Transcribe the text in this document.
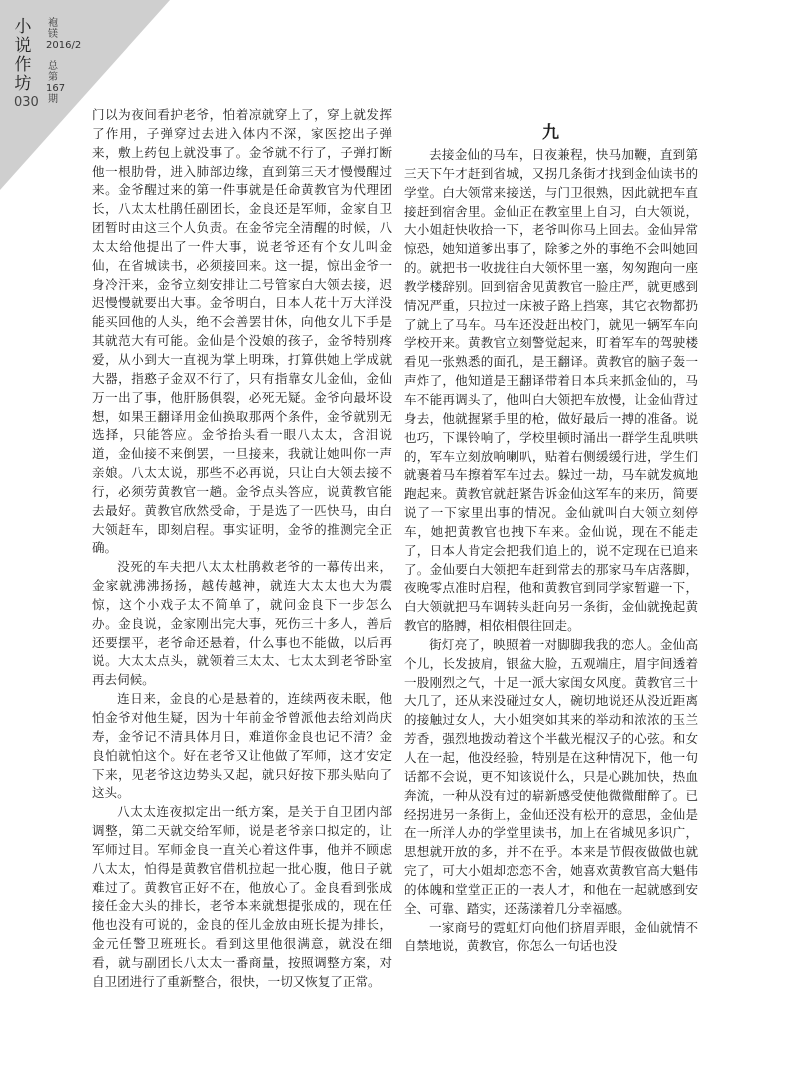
小说作坊
030
袍镁
2016/2
总第167期

门以为夜间看护老爷，怕着凉就穿上了，穿上就发挥了作用，子弹穿过去进入体内不深，家医挖出子弹来，敷上药包上就没事了。金爷就不行了，子弹打断他一根肋骨，进入肺部边缘，直到第三天才慢慢醒过来。金爷醒过来的第一件事就是任命黄教官为代理团长，八太太杜鹃任副团长，金良还是军师，金家自卫团暂时由这三个人负责。在金爷完全清醒的时候，八太太给他提出了一件大事，说老爷还有个女儿叫金仙，在省城读书，必须接回来。这一提，惊出金爷一身冷汗来，金爷立刻安排让二号管家白大领去接，迟迟慢慢就要出大事。金爷明白，日本人花十万大洋没能买回他的人头，绝不会善罢甘休，向他女儿下手是其就范大有可能。金仙是个没娘的孩子，金爷特别疼爱，从小到大一直视为掌上明珠，打算供她上学成就大器，指憨子金双不行了，只有指靠女儿金仙，金仙万一出了事，他肝肠俱裂，必死无疑。金爷向最坏设想，如果王翻译用金仙换取那两个条件，金爷就别无选择，只能答应。金爷抬头看一眼八太太，含泪说道，金仙接不来倒罢，一旦接来，我就让她叫你一声亲娘。八太太说，那些不必再说，只让白大领去接不行，必须劳黄教官一趟。金爷点头答应，说黄教官能去最好。黄教官欣然受命，于是选了一匹快马，由白大领赶车，即刻启程。事实证明，金爷的推测完全正确。

没死的车夫把八太太杜鹃救老爷的一幕传出来，金家就沸沸扬扬，越传越神，就连大太太也大为震惊，这个小戏子太不简单了，就问金良下一步怎么办。金良说，金家刚出完大事，死伤三十多人，善后还要摆平，老爷命还悬着，什么事也不能做，以后再说。大太太点头，就领着三太太、七太太到老爷卧室再去伺候。

连日来，金良的心是悬着的，连续两夜未眠，他怕金爷对他生疑，因为十年前金爷曾派他去给刘尚庆寿，金爷记不清具体月日，难道你金良也记不清？金良怕就怕这个。好在老爷又让他做了军师，这才安定下来，见老爷这边势头又起，就只好按下那头贴向了这头。

八太太连夜拟定出一纸方案，是关于自卫团内部调整，第二天就交给军师，说是老爷亲口拟定的，让军师过目。军师金良一直关心着这件事，他并不顾虑八太太，怕得是黄教官借机拉起一批心腹，他日子就难过了。黄教官正好不在，他放心了。金良看到张成接任金大头的排长，老爷本来就想提张成的，现在任他也没有可说的，金良的侄儿金放由班长提为排长，金元任警卫班班长。看到这里他很满意，就没在细看，就与副团长八太太一番商量，按照调整方案，对自卫团进行了重新整合，很快，一切又恢复了正常。

九

去接金仙的马车，日夜兼程，快马加鞭，直到第三天下午才赶到省城，又拐几条街才找到金仙读书的学堂。白大领常来接送，与门卫很熟，因此就把车直接赶到宿舍里。金仙正在教室里上自习，白大领说，大小姐赶快收拾一下，老爷叫你马上回去。金仙异常惊恐，她知道爹出事了，除爹之外的事绝不会叫她回的。就把书一收拢往白大领怀里一塞，匆匆跑向一座教学楼辞别。回到宿舍见黄教官一脸庄严，就更感到情况严重，只拉过一床被子路上挡寒，其它衣物都扔了就上了马车。马车还没赶出校门，就见一辆军车向学校开来。黄教官立刻警觉起来，盯着军车的驾驶楼看见一张熟悉的面孔，是王翻译。黄教官的脑子轰一声炸了，他知道是王翻译带着日本兵来抓金仙的，马车不能再调头了，他叫白大领把车放慢，让金仙背过身去，他就握紧手里的枪，做好最后一搏的准备。说也巧，下课铃响了，学校里顿时涌出一群学生乱哄哄的，军车立刻放响喇叭，贴着右侧缓缓行进，学生们就裹着马车擦着军车过去。躲过一劫，马车就发疯地跑起来。黄教官就赶紧告诉金仙这军车的来历，简要说了一下家里出事的情况。金仙就叫白大领立刻停车，她把黄教官也拽下车来。金仙说，现在不能走了，日本人肯定会把我们追上的，说不定现在已追来了。金仙要白大领把车赶到常去的那家马车店落脚，夜晚零点准时启程，他和黄教官到同学家暂避一下，白大领就把马车调转头赶向另一条街，金仙就挽起黄教官的胳膊，相依相偎往回走。

街灯亮了，映照着一对脚脚我我的恋人。金仙高个儿，长发披肩，银盆大脸，五观端庄，眉宇间透着一股刚烈之气，十足一派大家闺女风度。黄教官三十大几了，还从来没碰过女人，碗切地说还从没近距离的接触过女人，大小姐突如其来的举动和浓浓的玉兰芳香，强烈地拨动着这个半截光棍汉子的心弦。和女人在一起，他没经验，特别是在这种情况下，他一句话都不会说，更不知该说什么，只是心跳加快，热血奔流，一种从没有过的崭新感受使他微微酣醉了。已经拐进另一条街上，金仙还没有松开的意思，金仙是在一所洋人办的学堂里读书，加上在省城见多识广，思想就开放的多，并不在乎。本来是节假夜做做也就完了，可大小姐却恋恋不舍，她喜欢黄教官高大魁伟的体魄和堂堂正正的一表人才，和他在一起就感到安全、可靠、踏实，还荡漾着几分幸福感。

一家商号的霓虹灯向他们挤眉弄眼，金仙就情不自禁地说，黄教官，你怎么一句话也没
